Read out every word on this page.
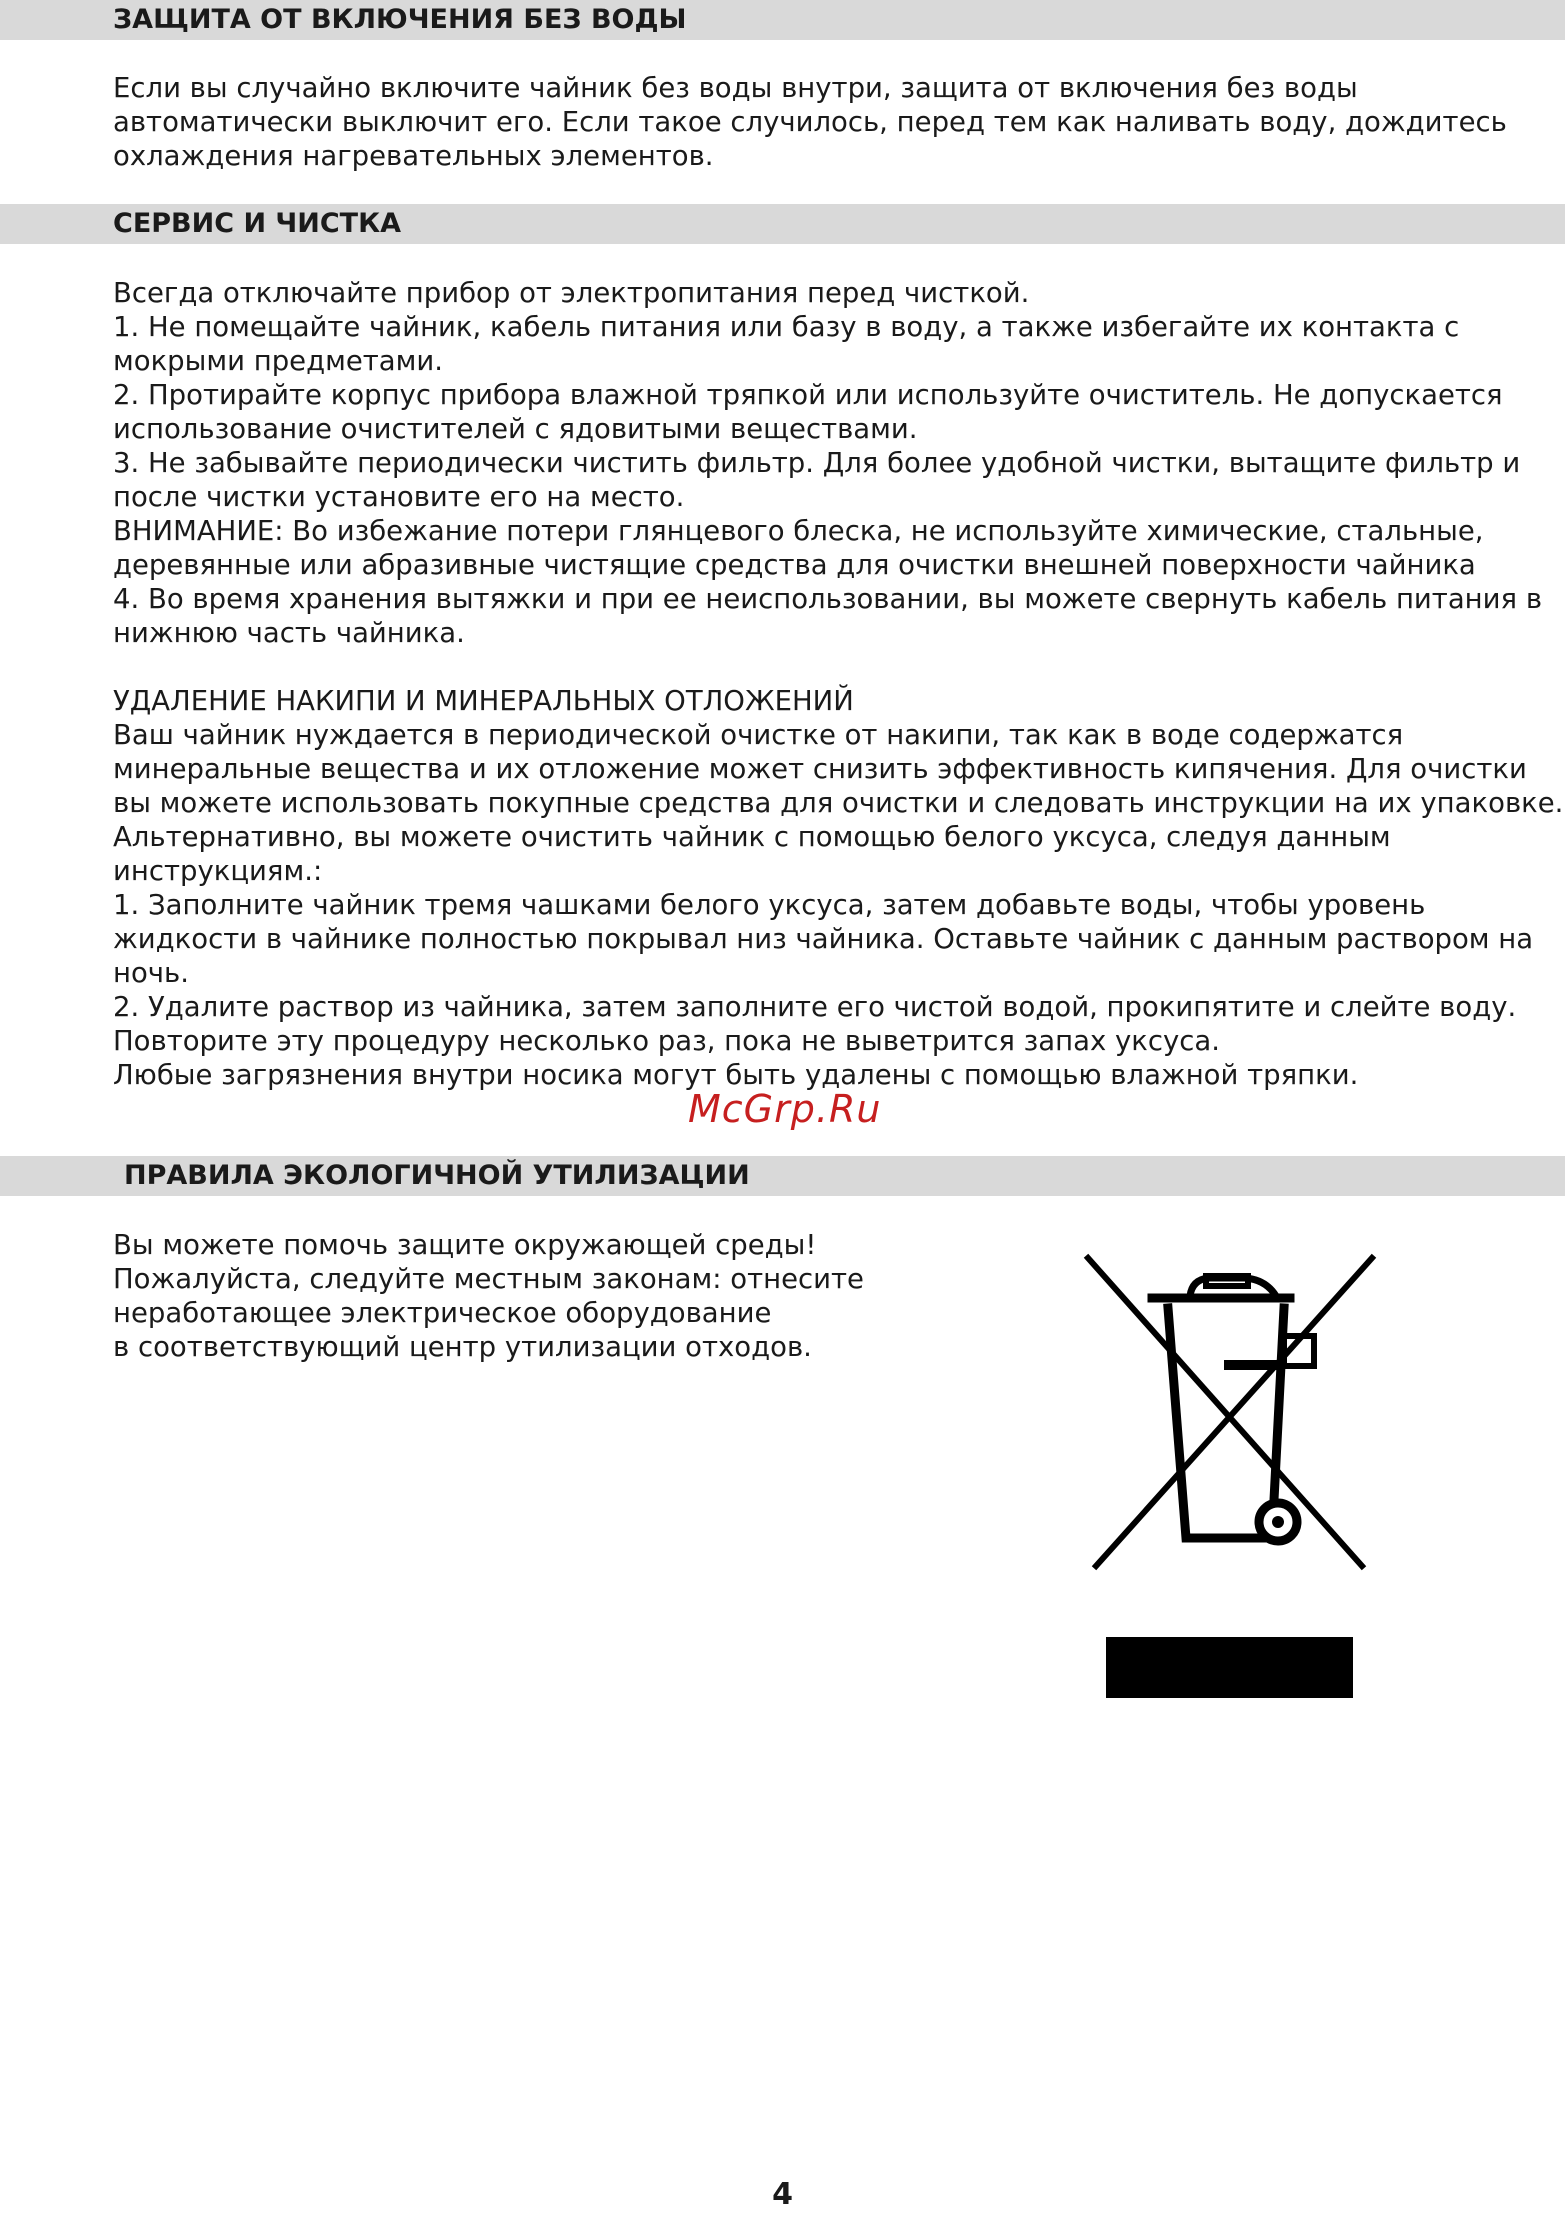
ЗАЩИТА ОТ ВКЛЮЧЕНИЯ БЕЗ ВОДЫ

Если вы случайно включите чайник без воды внутри, защита от включения без воды

автоматически выключит его. Если такое случилось, перед тем как наливать воду, дождитесь

охлаждения нагревательных элементов.

СЕРВИС И ЧИСТКА

Всегда отключайте прибор от электропитания перед чисткой.

1. Не помещайте чайник, кабель питания или базу в воду, а также избегайте их контакта с

мокрыми предметами.

2. Протирайте корпус прибора влажной тряпкой или используйте очиститель. Не допускается

использование очистителей с ядовитыми веществами.

3. Не забывайте периодически чистить фильтр. Для более удобной чистки, вытащите фильтр и

после чистки установите его на место.

ВНИМАНИЕ: Во избежание потери глянцевого блеска, не используйте химические, стальные,

деревянные или абразивные чистящие средства для очистки внешней поверхности чайника

4. Во время хранения вытяжки и при ее неиспользовании, вы можете свернуть кабель питания в

нижнюю часть чайника.

УДАЛЕНИЕ НАКИПИ И МИНЕРАЛЬНЫХ ОТЛОЖЕНИЙ

Ваш чайник нуждается в периодической очистке от накипи, так как в воде содержатся

минеральные вещества и их отложение может снизить эффективность кипячения. Для очистки

вы можете использовать покупные средства для очистки и следовать инструкции на их упаковке.

Альтернативно, вы можете очистить чайник с помощью белого уксуса, следуя данным

инструкциям.:

1. Заполните чайник тремя чашками белого уксуса, затем добавьте воды, чтобы уровень

жидкости в чайнике полностью покрывал низ чайника. Оставьте чайник с данным раствором на

ночь.

2. Удалите раствор из чайника, затем заполните его чистой водой, прокипятите и слейте воду.

Повторите эту процедуру несколько раз, пока не выветрится запах уксуса.

Любые загрязнения внутри носика могут быть удалены с помощью влажной тряпки.

McGrp.Ru
ПРАВИЛА ЭКОЛОГИЧНОЙ УТИЛИЗАЦИИ

Вы можете помочь защите окружающей среды!

Пожалуйста, следуйте местным законам: отнесите

неработающее электрическое оборудование

в соответствующий центр утилизации отходов.

4
